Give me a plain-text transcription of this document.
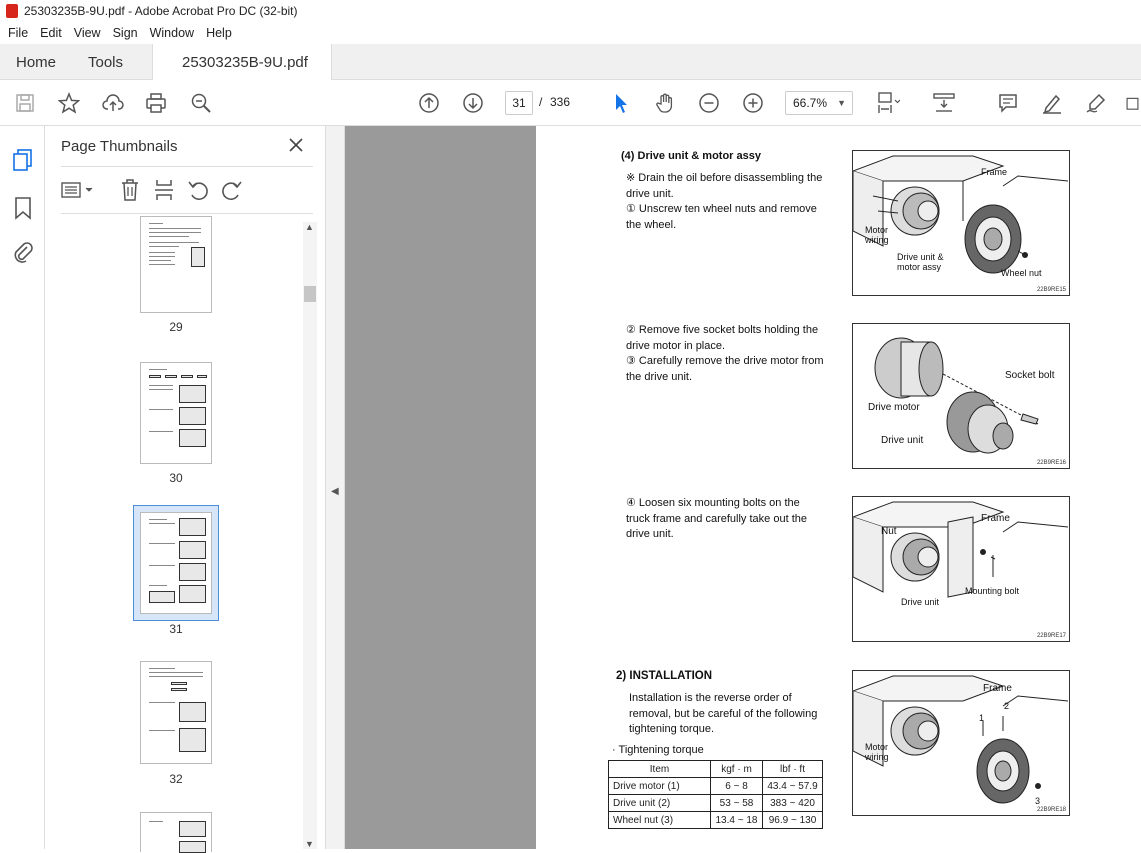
25303235B-9U.pdf - Adobe Acrobat Pro DC (32-bit)
File Edit View Sign Window Help
Home Tools	25303235B-9U.pdf
31	/ 336	66.7% ▼
Page Thumbnails
▲
▼
29
30
31
32
◀
(4) Drive unit & motor assy
※ Drain the oil before disassembling the drive unit.
① Unscrew ten wheel nuts and remove the wheel.
② Remove five socket bolts holding the drive motor in place.
③ Carefully remove the drive motor from the drive unit.
④ Loosen six mounting bolts on the truck frame and carefully take out the drive unit.
2) INSTALLATION
Installation is the reverse order of removal, but be careful of the following tightening torque.
· Tightening torque
Item	kgf · m	lbf · ft
Drive motor (1)	6 ~ 8	43.4 ~ 57.9
Drive unit (2)	53 ~ 58	383 ~ 420
Wheel nut (3)	13.4 ~ 18	96.9 ~ 130
Frame
Motor wiring
Drive unit & motor assy
Wheel nut
22B9RE15
Socket bolt
Drive motor
Drive unit
22B9RE16
Frame
Nut
Mounting bolt
Drive unit
22B9RE17
Frame
Motor wiring
1
2
3
22B9RE18
